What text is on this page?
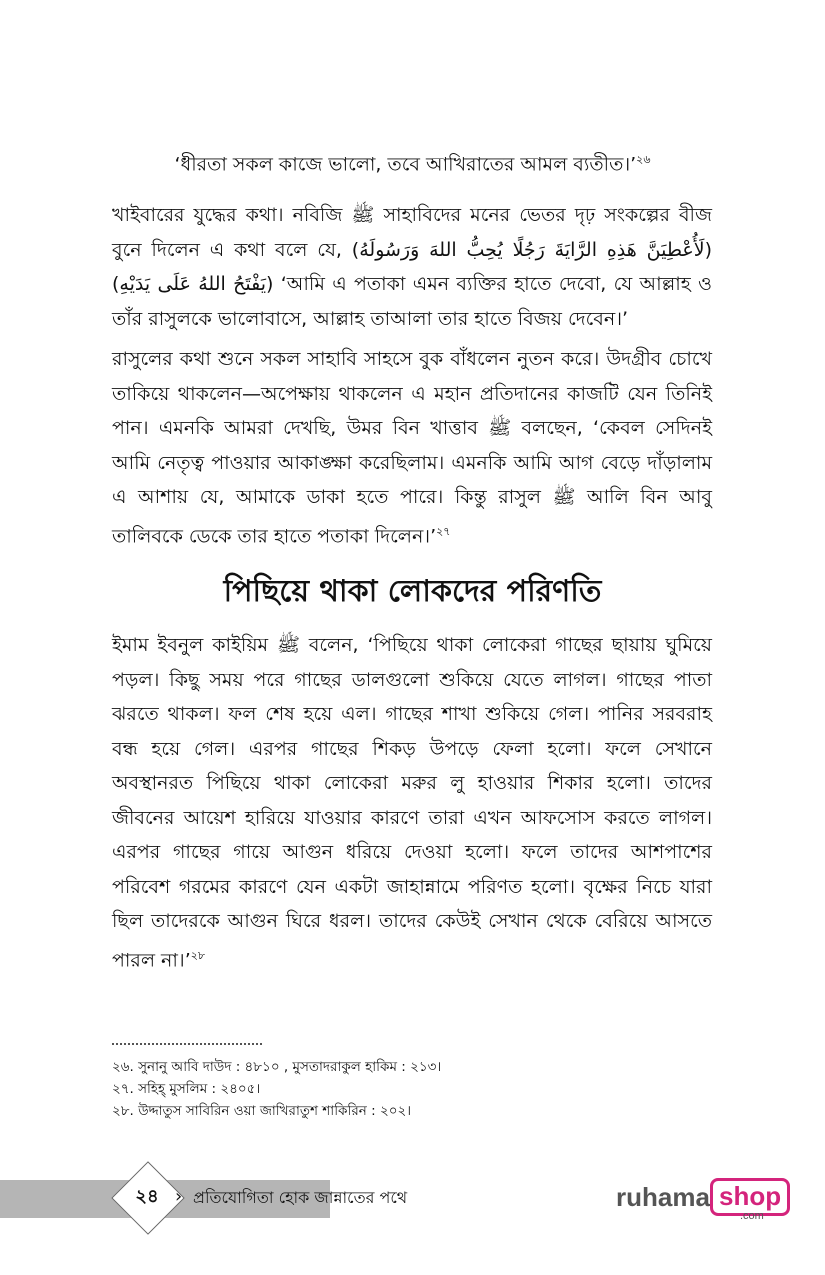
‘ধীরতা সকল কাজে ভালো, তবে আখিরাতের আমল ব্যতীত।’$^{২৬}$

খাইবারের যুদ্ধের কথা। নবিজি ﷺ সাহাবিদের মনের ভেতর দৃঢ় সংকল্পের বীজ বুনে দিলেন এ কথা বলে যে, (لَأُعْطِيَنَّ هَذِهِ الرَّايَةَ رَجُلًا يُحِبُّ اللهَ وَرَسُولَهُ) (يَفْتَحُ اللهُ عَلَى يَدَيْهِ) ‘আমি এ পতাকা এমন ব্যক্তির হাতে দেবো, যে আল্লাহ ও তাঁর রাসুলকে ভালোবাসে, আল্লাহ তাআলা তার হাতে বিজয় দেবেন।’

রাসুলের কথা শুনে সকল সাহাবি সাহসে বুক বাঁধলেন নুতন করে। উদগ্রীব চোখে তাকিয়ে থাকলেন—অপেক্ষায় থাকলেন এ মহান প্রতিদানের কাজটি যেন তিনিই পান। এমনকি আমরা দেখছি, উমর বিন খাত্তাব ﷺ বলছেন, ‘কেবল সেদিনই আমি নেতৃত্ব পাওয়ার আকাঙ্ক্ষা করেছিলাম। এমনকি আমি আগ বেড়ে দাঁড়ালাম এ আশায় যে, আমাকে ডাকা হতে পারে। কিন্তু রাসুল ﷺ আলি বিন আবু তালিবকে ডেকে তার হাতে পতাকা দিলেন।’$^{২৭}$

পিছিয়ে থাকা লোকদের পরিণতি

ইমাম ইবনুল কাইয়িম ﷺ বলেন, ‘পিছিয়ে থাকা লোকেরা গাছের ছায়ায় ঘুমিয়ে পড়ল। কিছু সময় পরে গাছের ডালগুলো শুকিয়ে যেতে লাগল। গাছের পাতা ঝরতে থাকল। ফল শেষ হয়ে এল। গাছের শাখা শুকিয়ে গেল। পানির সরবরাহ বন্ধ হয়ে গেল। এরপর গাছের শিকড় উপড়ে ফেলা হলো। ফলে সেখানে অবস্থানরত পিছিয়ে থাকা লোকেরা মরুর লু হাওয়ার শিকার হলো। তাদের জীবনের আয়েশ হারিয়ে যাওয়ার কারণে তারা এখন আফসোস করতে লাগল। এরপর গাছের গায়ে আগুন ধরিয়ে দেওয়া হলো। ফলে তাদের আশপাশের পরিবেশ গরমের কারণে যেন একটা জাহান্নামে পরিণত হলো। বৃক্ষের নিচে যারা ছিল তাদেরকে আগুন ঘিরে ধরল। তাদের কেউই সেখান থেকে বেরিয়ে আসতে পারল না।’$^{২৮}$

২৬. সুনানু আবি দাউদ : ৪৮১০ , মুসতাদরাকুল হাকিম : ২১৩।
২৭. সহিহ্ মুসলিম : ২৪০৫।
২৮. উদ্দাতুস সাবিরিন ওয়া জাখিরাতুশ শাকিরিন : ২০২।
২৪ › প্রতিযোগিতা হোক জান্নাতের পথে	ruhama shop
.com
